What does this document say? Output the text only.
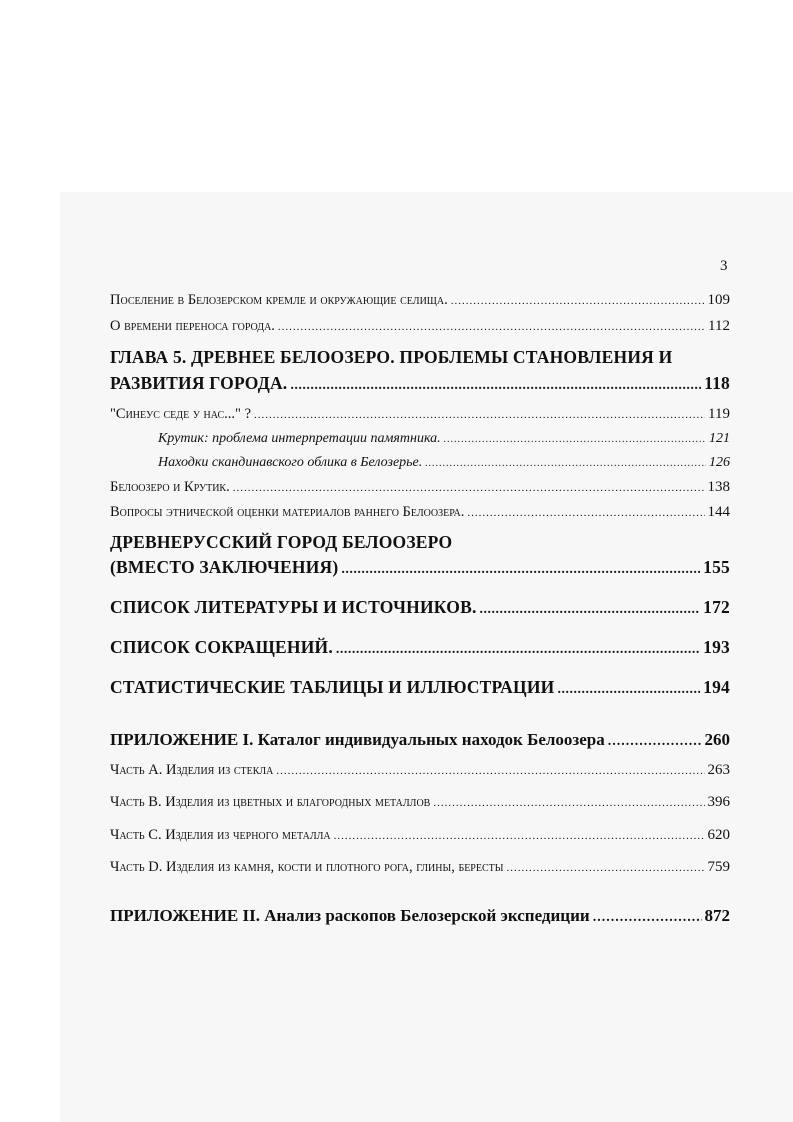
3
Поселение в Белозерском кремле и окружающие селища. .....	109
О времени переноса города. .....	112
ГЛАВА 5. ДРЕВНЕЕ БЕЛООЗЕРО. ПРОБЛЕМЫ СТАНОВЛЕНИЯ И
РАЗВИТИЯ ГОРОДА. .....	118
"Синеус седе у нас..." ? .....	119
Крутик: проблема интерпретации памятника. .....	121
Находки скандинавского облика в Белозерье. .....	126
Белоозеро и Крутик. .....	138
Вопросы этнической оценки материалов раннего Белоозера. .....	144
ДРЕВНЕРУССКИЙ ГОРОД БЕЛООЗЕРО
(ВМЕСТО ЗАКЛЮЧЕНИЯ) .....	155
СПИСОК ЛИТЕРАТУРЫ И ИСТОЧНИКОВ. .....	172
СПИСОК СОКРАЩЕНИЙ. .....	193
СТАТИСТИЧЕСКИЕ ТАБЛИЦЫ И ИЛЛЮСТРАЦИИ .....	194
ПРИЛОЖЕНИЕ I. Каталог индивидуальных находок Белоозера .....	260
Часть A. Изделия из стекла .....	263
Часть B. Изделия из цветных и благородных металлов .....	396
Часть C. Изделия из черного металла .....	620
Часть D. Изделия из камня, кости и плотного рога, глины, бересты .....	759
ПРИЛОЖЕНИЕ II. Анализ раскопов Белозерской экспедиции .....	872
